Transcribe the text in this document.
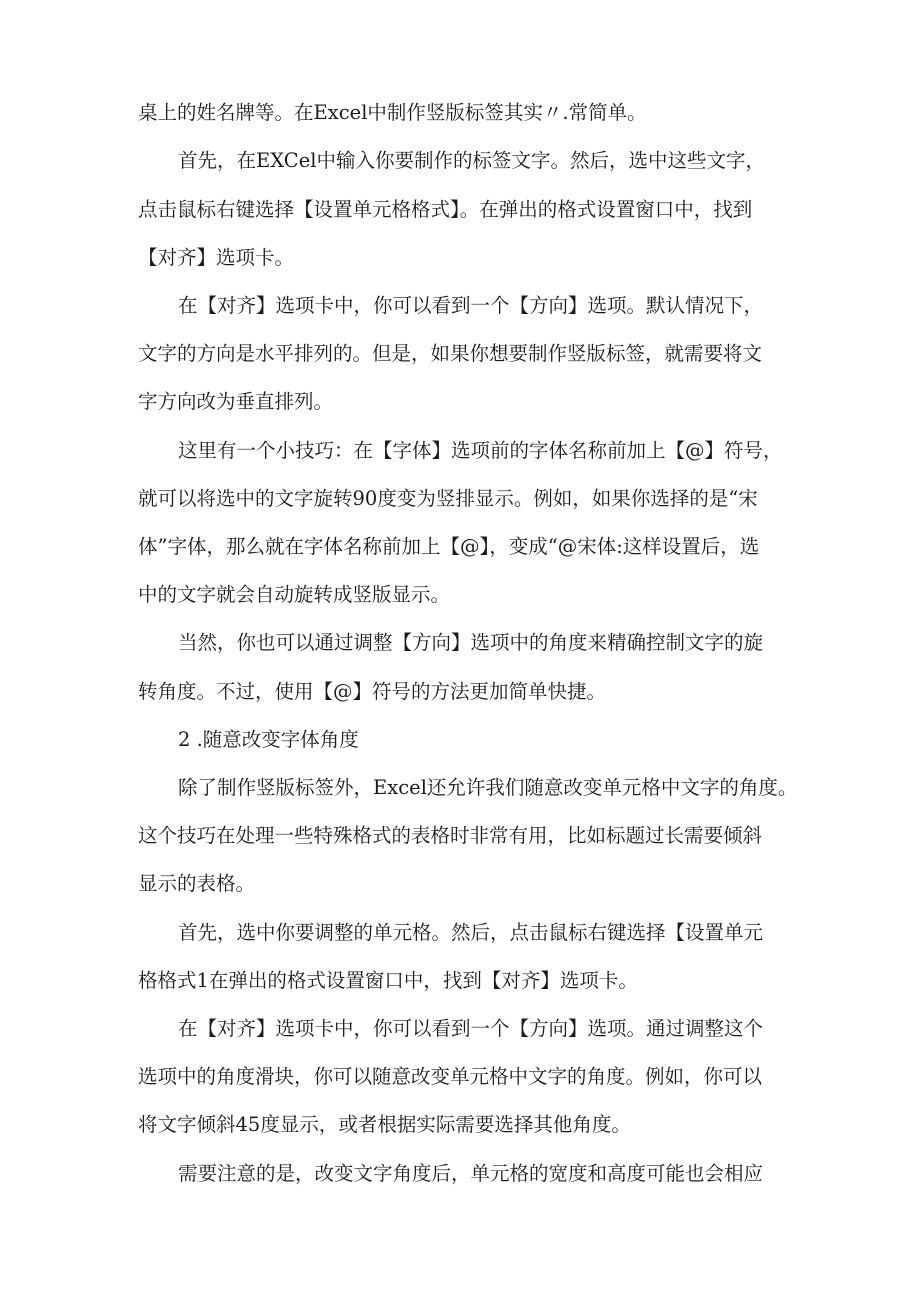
桌上的姓名牌等。在Excel中制作竖版标签其实〃.常简单。
首先，在EXCel中输入你要制作的标签文字。然后，选中这些文字，
点击鼠标右键选择【设置单元格格式】。在弹出的格式设置窗口中，找到
【对齐】选项卡。
在【对齐】选项卡中，你可以看到一个【方向】选项。默认情况下，
文字的方向是水平排列的。但是，如果你想要制作竖版标签，就需要将文
字方向改为垂直排列。
这里有一个小技巧：在【字体】选项前的字体名称前加上【@】符号，
就可以将选中的文字旋转90度变为竖排显示。例如，如果你选择的是“宋
体”字体，那么就在字体名称前加上【@】，变成“@宋体:这样设置后，选
中的文字就会自动旋转成竖版显示。
当然，你也可以通过调整【方向】选项中的角度来精确控制文字的旋
转角度。不过，使用【@】符号的方法更加简单快捷。
2 .随意改变字体角度
除了制作竖版标签外，Excel还允许我们随意改变单元格中文字的角度。
这个技巧在处理一些特殊格式的表格时非常有用，比如标题过长需要倾斜
显示的表格。
首先，选中你要调整的单元格。然后，点击鼠标右键选择【设置单元
格格式1在弹出的格式设置窗口中，找到【对齐】选项卡。
在【对齐】选项卡中，你可以看到一个【方向】选项。通过调整这个
选项中的角度滑块，你可以随意改变单元格中文字的角度。例如，你可以
将文字倾斜45度显示，或者根据实际需要选择其他角度。
需要注意的是，改变文字角度后，单元格的宽度和高度可能也会相应
